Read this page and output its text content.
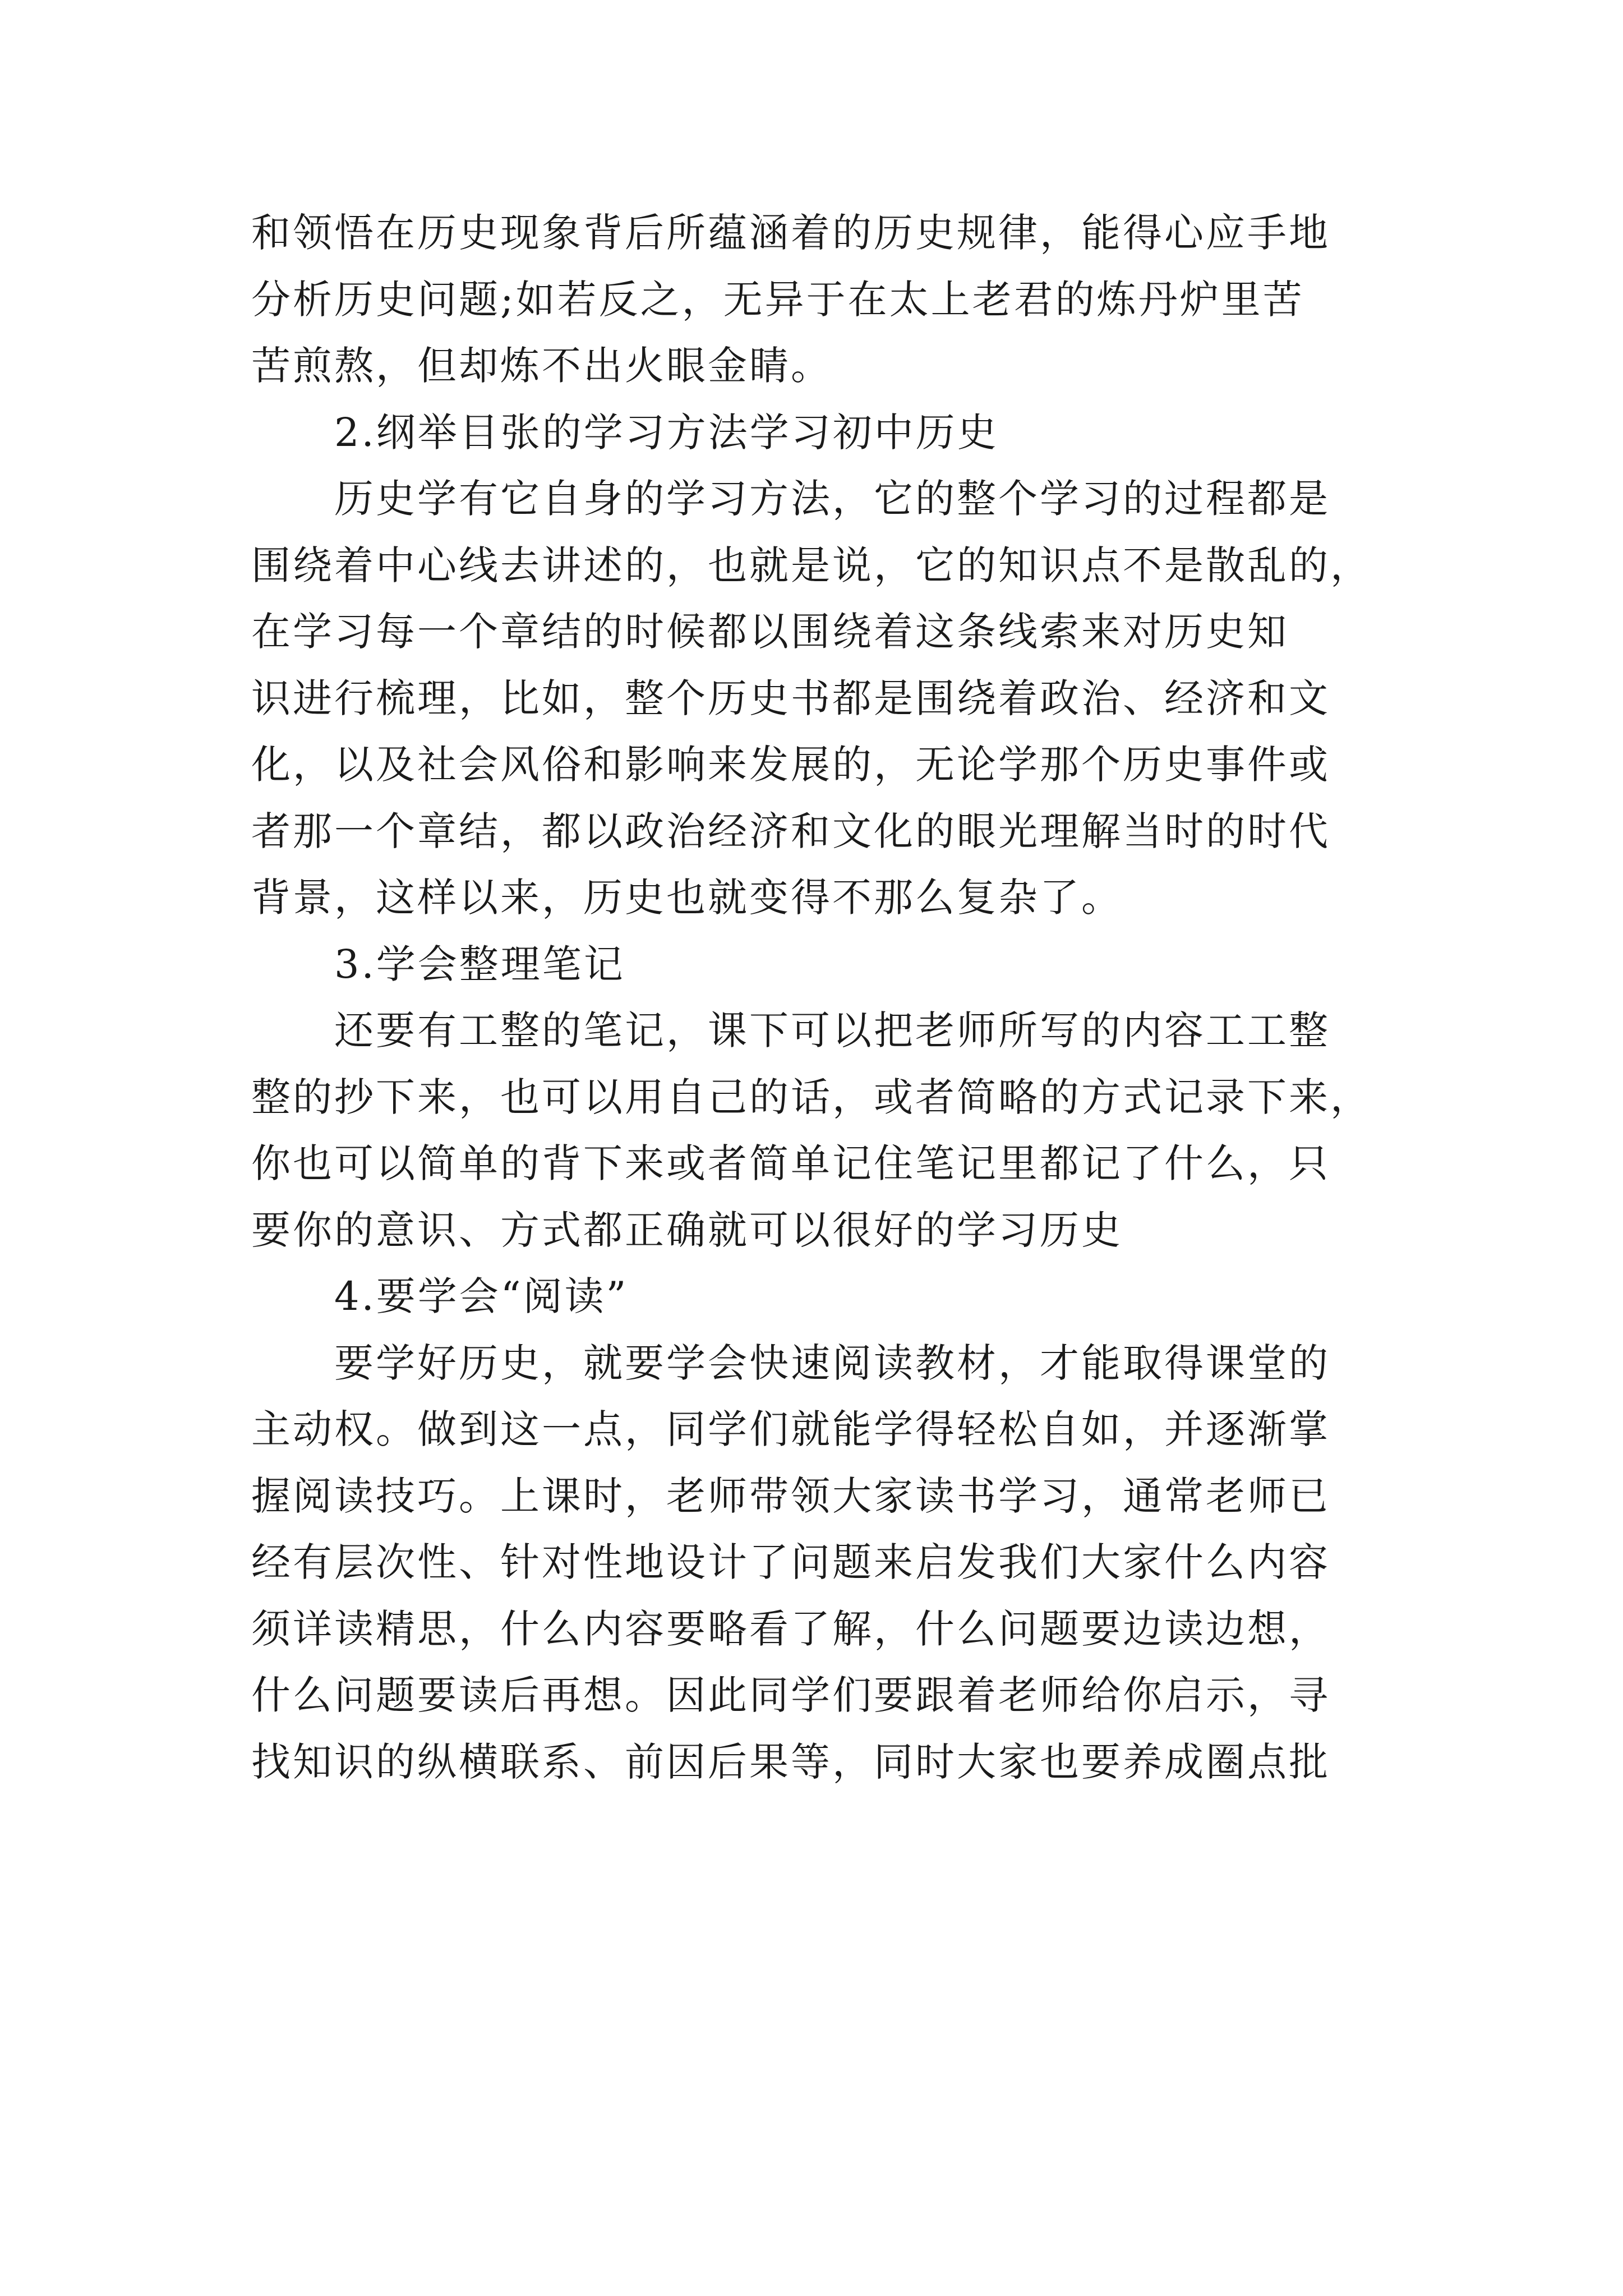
和领悟在历史现象背后所蕴涵着的历史规律，能得心应手地
分析历史问题;如若反之，无异于在太上老君的炼丹炉里苦
苦煎熬，但却炼不出火眼金睛。
2.纲举目张的学习方法学习初中历史
历史学有它自身的学习方法，它的整个学习的过程都是
围绕着中心线去讲述的，也就是说，它的知识点不是散乱的，
在学习每一个章结的时候都以围绕着这条线索来对历史知
识进行梳理，比如，整个历史书都是围绕着政治、经济和文
化，以及社会风俗和影响来发展的，无论学那个历史事件或
者那一个章结，都以政治经济和文化的眼光理解当时的时代
背景，这样以来，历史也就变得不那么复杂了。
3.学会整理笔记
还要有工整的笔记，课下可以把老师所写的内容工工整
整的抄下来，也可以用自己的话，或者简略的方式记录下来，
你也可以简单的背下来或者简单记住笔记里都记了什么，只
要你的意识、方式都正确就可以很好的学习历史
4.要学会“阅读”
要学好历史，就要学会快速阅读教材，才能取得课堂的
主动权。做到这一点，同学们就能学得轻松自如，并逐渐掌
握阅读技巧。上课时，老师带领大家读书学习，通常老师已
经有层次性、针对性地设计了问题来启发我们大家什么内容
须详读精思，什么内容要略看了解，什么问题要边读边想，
什么问题要读后再想。因此同学们要跟着老师给你启示，寻
找知识的纵横联系、前因后果等，同时大家也要养成圈点批
